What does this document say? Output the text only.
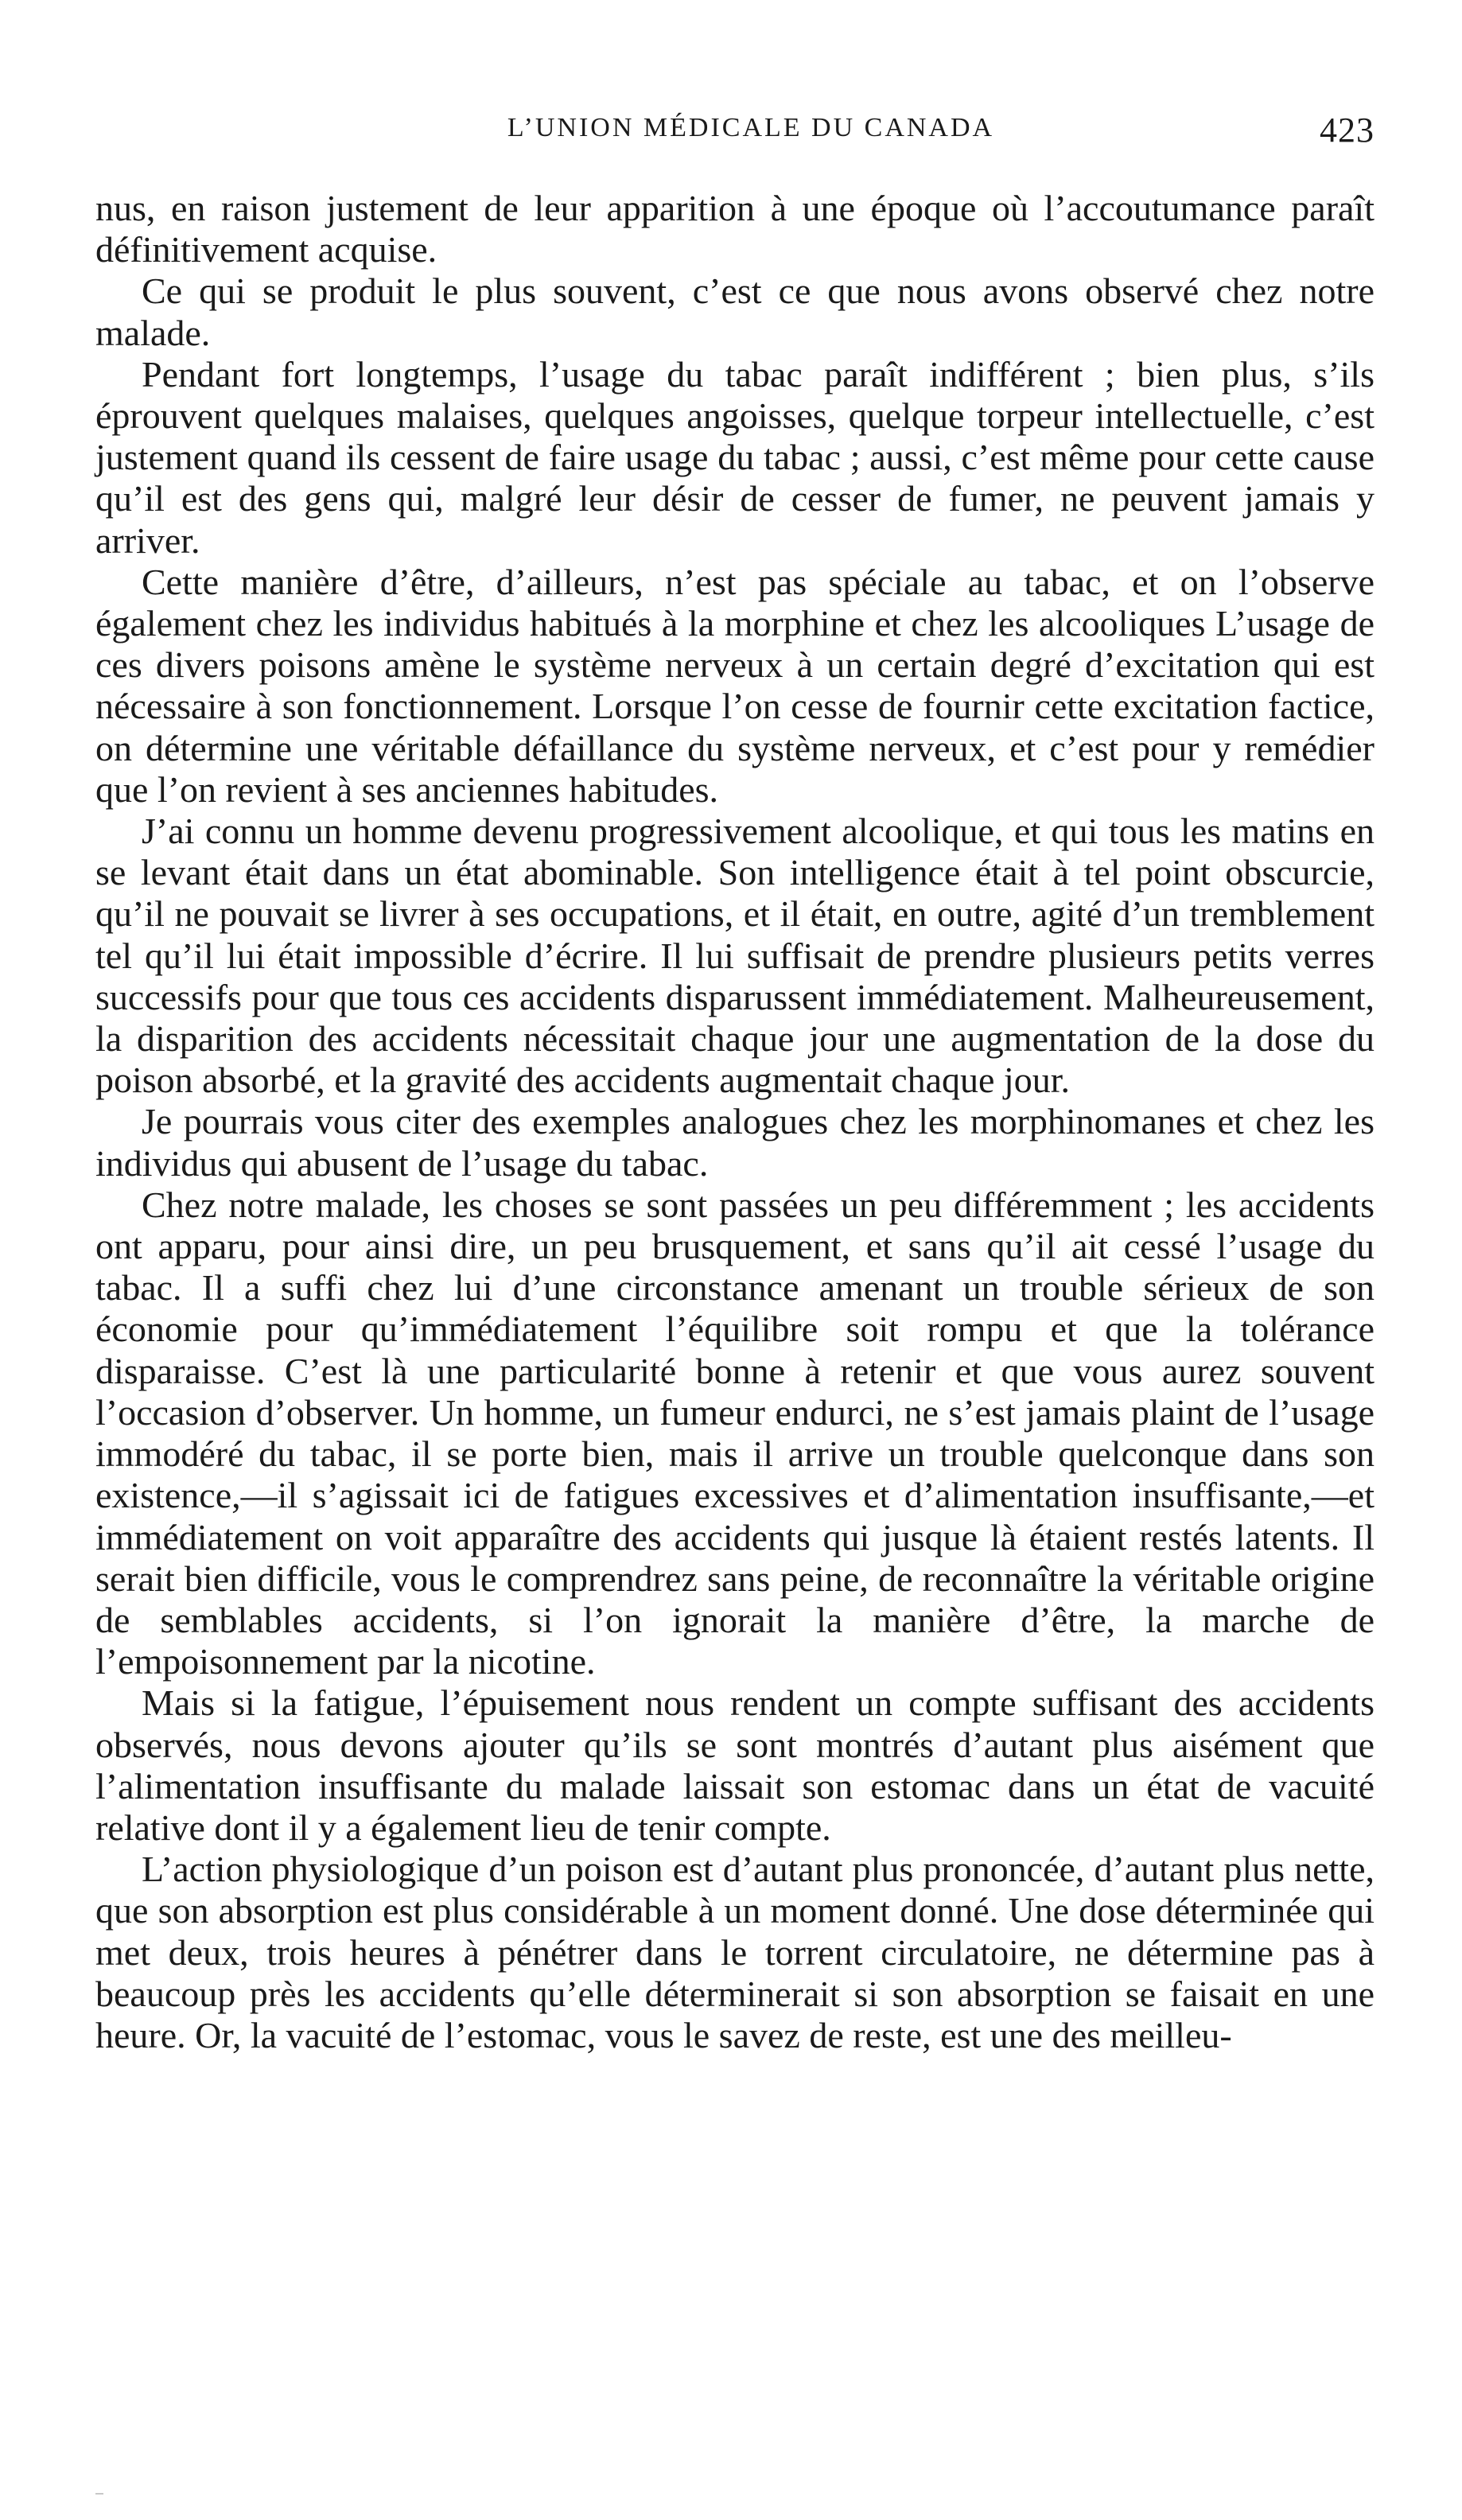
L’UNION MÉDICALE DU CANADA	423

nus, en raison justement de leur apparition à une époque où l’accoutumance paraît définitivement acquise.

Ce qui se produit le plus souvent, c’est ce que nous avons observé chez notre malade.

Pendant fort longtemps, l’usage du tabac paraît indifférent ; bien plus, s’ils éprouvent quelques malaises, quelques angoisses, quelque torpeur intellectuelle, c’est justement quand ils cessent de faire usage du tabac ; aussi, c’est même pour cette cause qu’il est des gens qui, malgré leur désir de cesser de fumer, ne peuvent jamais y arriver.

Cette manière d’être, d’ailleurs, n’est pas spéciale au tabac, et on l’observe également chez les individus habitués à la morphine et chez les alcooliques L’usage de ces divers poisons amène le système nerveux à un certain degré d’excitation qui est nécessaire à son fonctionnement. Lorsque l’on cesse de fournir cette excitation factice, on détermine une véritable défaillance du système nerveux, et c’est pour y remédier que l’on revient à ses anciennes habitudes.

J’ai connu un homme devenu progressivement alcoolique, et qui tous les matins en se levant était dans un état abominable. Son intelligence était à tel point obscurcie, qu’il ne pouvait se livrer à ses occupations, et il était, en outre, agité d’un tremblement tel qu’il lui était impossible d’écrire. Il lui suffisait de prendre plusieurs petits verres successifs pour que tous ces accidents disparussent immédiatement. Malheureusement, la disparition des accidents nécessitait chaque jour une augmentation de la dose du poison absorbé, et la gravité des accidents augmentait chaque jour.

Je pourrais vous citer des exemples analogues chez les morphinomanes et chez les individus qui abusent de l’usage du tabac.

Chez notre malade, les choses se sont passées un peu différemment ; les accidents ont apparu, pour ainsi dire, un peu brusquement, et sans qu’il ait cessé l’usage du tabac. Il a suffi chez lui d’une circonstance amenant un trouble sérieux de son économie pour qu’immédiatement l’équilibre soit rompu et que la tolérance disparaisse. C’est là une particularité bonne à retenir et que vous aurez souvent l’occasion d’observer. Un homme, un fumeur endurci, ne s’est jamais plaint de l’usage immodéré du tabac, il se porte bien, mais il arrive un trouble quelconque dans son existence,—il s’agissait ici de fatigues excessives et d’alimentation insuffisante,—et immédiatement on voit apparaître des accidents qui jusque là étaient restés latents. Il serait bien difficile, vous le comprendrez sans peine, de reconnaître la véritable origine de semblables accidents, si l’on ignorait la manière d’être, la marche de l’empoisonnement par la nicotine.

Mais si la fatigue, l’épuisement nous rendent un compte suffisant des accidents observés, nous devons ajouter qu’ils se sont montrés d’autant plus aisément que l’alimentation insuffisante du malade laissait son estomac dans un état de vacuité relative dont il y a également lieu de tenir compte.

L’action physiologique d’un poison est d’autant plus prononcée, d’autant plus nette, que son absorption est plus considérable à un moment donné. Une dose déterminée qui met deux, trois heures à pénétrer dans le torrent circulatoire, ne détermine pas à beaucoup près les accidents qu’elle déterminerait si son absorption se faisait en une heure. Or, la vacuité de l’estomac, vous le savez de reste, est une des meilleu-
